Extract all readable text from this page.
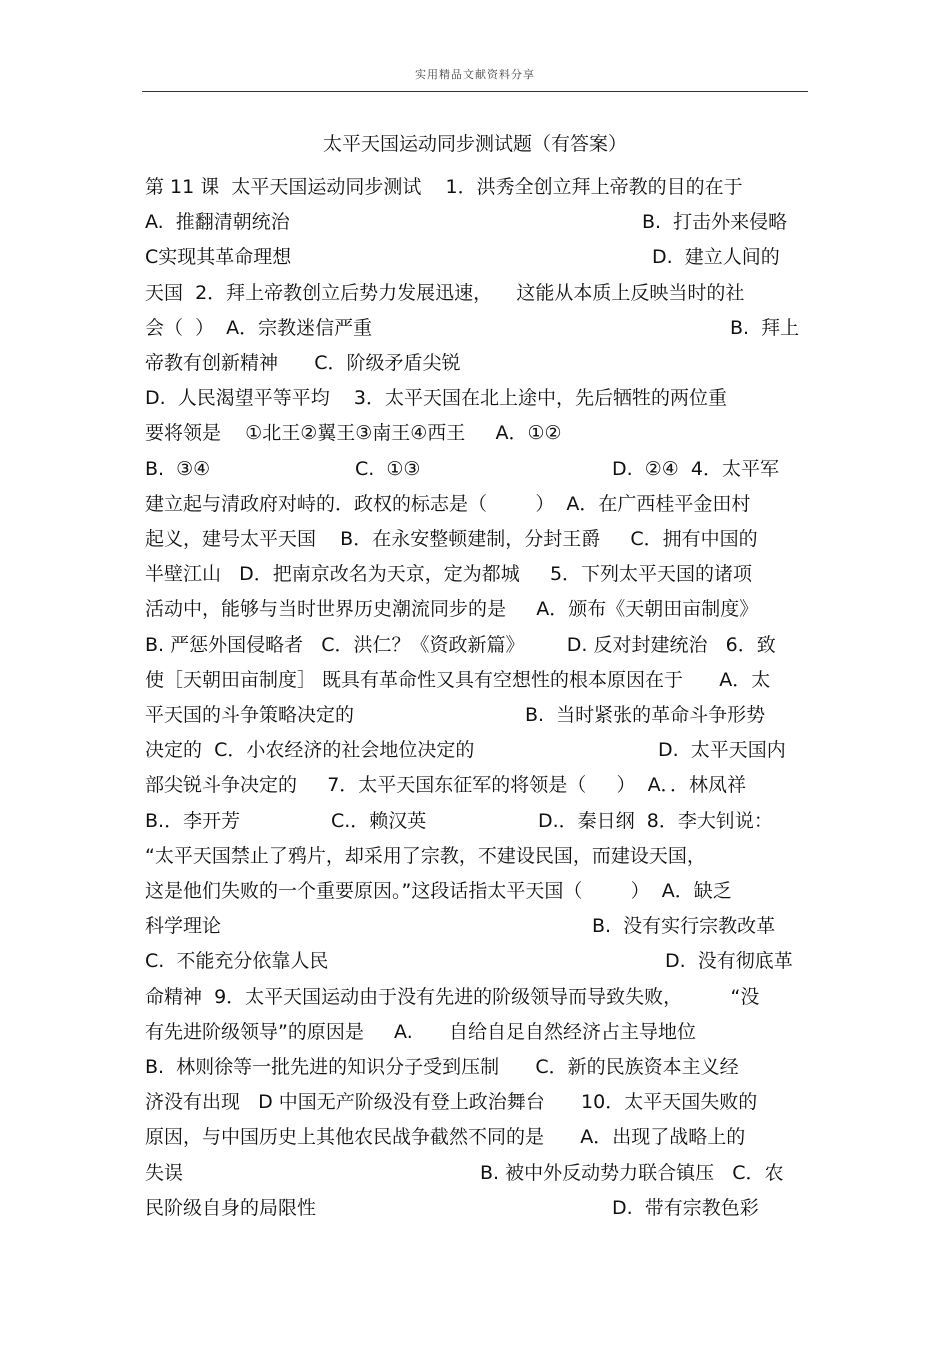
实用精品文献资料分享
太平天国运动同步测试题（有答案）
第 11 课  太平天国运动同步测试    1．洪秀全创立拜上帝教的目的在于
A.  推翻清朝统治	B.  打击外来侵略
C实现其革命理想	D.  建立人间的
天国  2．拜上帝教创立后势力发展迅速，    这能从本质上反映当时的社
会（  ）  A．宗教迷信严重	B.  拜上
帝教有创新精神      C．阶级矛盾尖锐
D.  人民渴望平等平均    3．太平天国在北上途中，先后牺牲的两位重
要将领是    ①北王②翼王③南王④西王     A．①②
B.  ③④	C.  ①③	D.  ②④  4．太平军
建立起与清政府对峙的．政权的标志是（        ）  A．在广西桂平金田村
起义，建号太平天国    B．在永安整顿建制，分封王爵     C．拥有中国的
半壁江山   D．把南京改名为天京，定为都城     5．下列太平天国的诸项
活动中，能够与当时世界历史潮流同步的是     A．颁布《天朝田亩制度》
B. 严惩外国侵略者   C．洪仁？《资政新篇》       D. 反对封建统治   6．致
使［天朝田亩制度］ 既具有革命性又具有空想性的根本原因在于      A．太
平天国的斗争策略决定的	B.  当时紧张的革命斗争形势
决定的  C．小农经济的社会地位决定的	D.  太平天国内
部尖锐斗争决定的     7．太平天国东征军的将领是（     ）  A．．林凤祥
B.．李开芳	C.．赖汉英	D.．秦日纲  8．李大钊说：
“太平天国禁止了鸦片，却采用了宗教，不建设民国，而建设天国，
这是他们失败的一个重要原因。”这段话指太平天国（        ）  A．缺乏
科学理论	B.  没有实行宗教改革
C.  不能充分依靠人民	D.  没有彻底革
命精神  9．太平天国运动由于没有先进的阶级领导而导致失败，        “没
有先进阶级领导”的原因是     A.      自给自足自然经济占主导地位
B.  林则徐等一批先进的知识分子受到压制      C．新的民族资本主义经
济没有出现   D 中国无产阶级没有登上政治舞台      10．太平天国失败的
原因，与中国历史上其他农民战争截然不同的是      A．出现了战略上的
失误	B. 被中外反动势力联合镇压   C．农
民阶级自身的局限性	D.  带有宗教色彩
